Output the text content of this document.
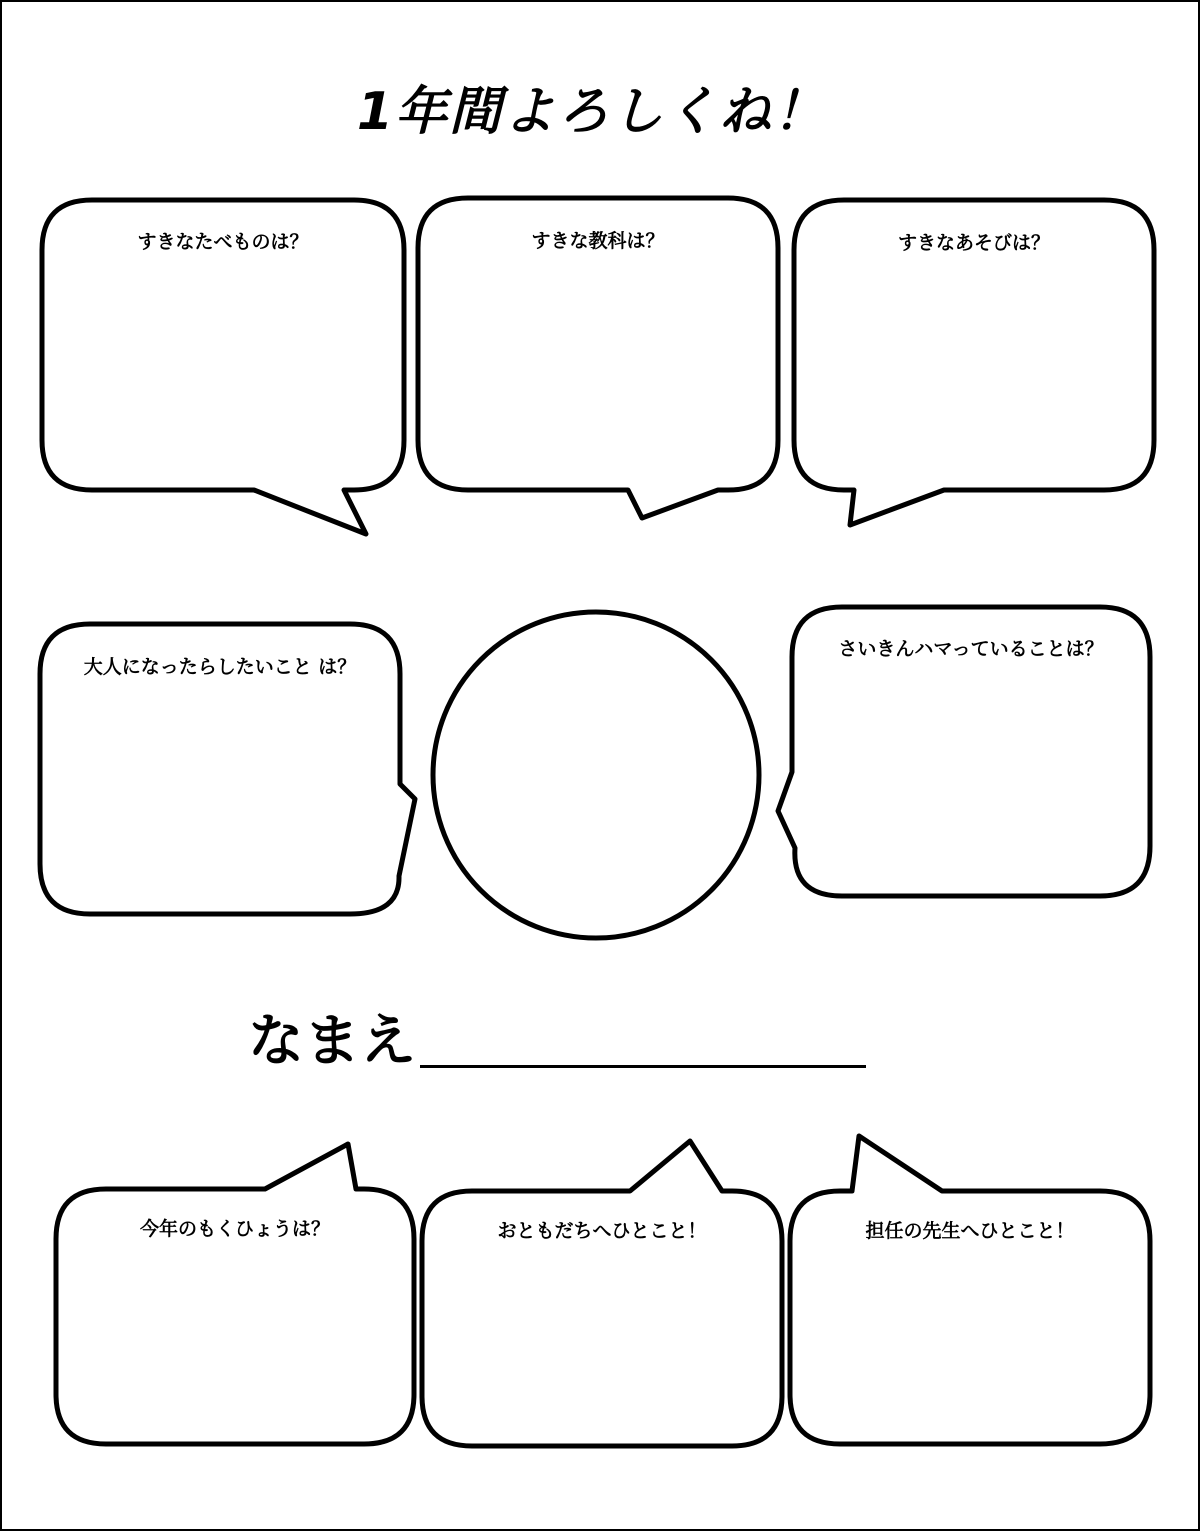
1年間よろしくね！
すきなたべものは？	すきな教科は？	すきなあそびは？
大人になったらしたいこと は？
さいきんハマっていることは？
なまえ
今年のもくひょうは？	おともだちへひとこと！	担任の先生へひとこと！
